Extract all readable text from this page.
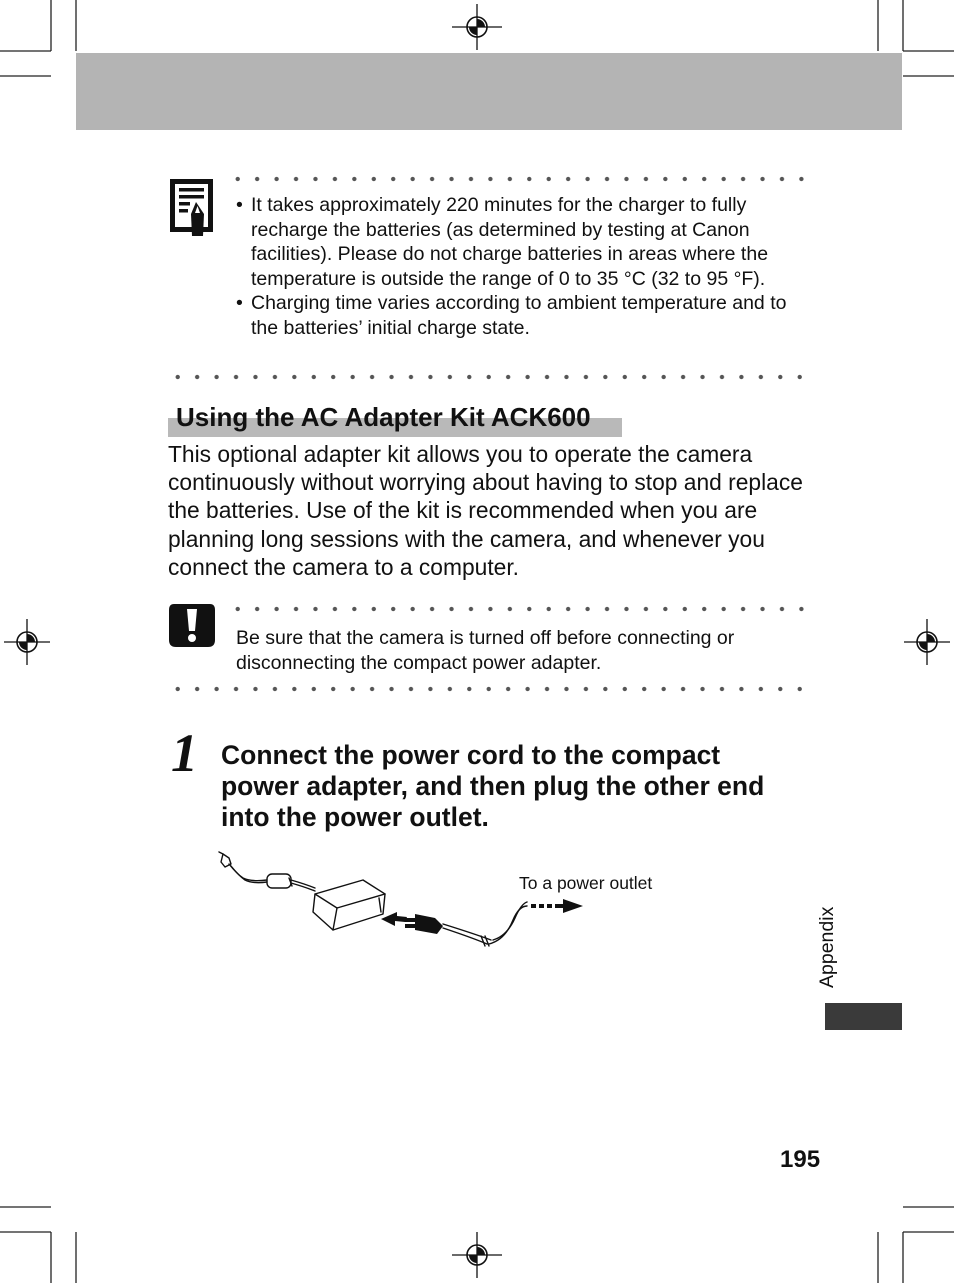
• It takes approximately 220 minutes for the charger to fully recharge the batteries (as determined by testing at Canon facilities). Please do not charge batteries in areas where the temperature is outside the range of 0 to 35 °C (32 to 95 °F).
• Charging time varies according to ambient temperature and to the batteries’ initial charge state.
Using the AC Adapter Kit ACK600
This optional adapter kit allows you to operate the camera continuously without worrying about having to stop and replace the batteries. Use of the kit is recommended when you are planning long sessions with the camera, and whenever you connect the camera to a computer.
Be sure that the camera is turned off before connecting or disconnecting the compact power adapter.
1 Connect the power cord to the compact power adapter, and then plug the other end into the power outlet.
To a power outlet
Appendix
195
